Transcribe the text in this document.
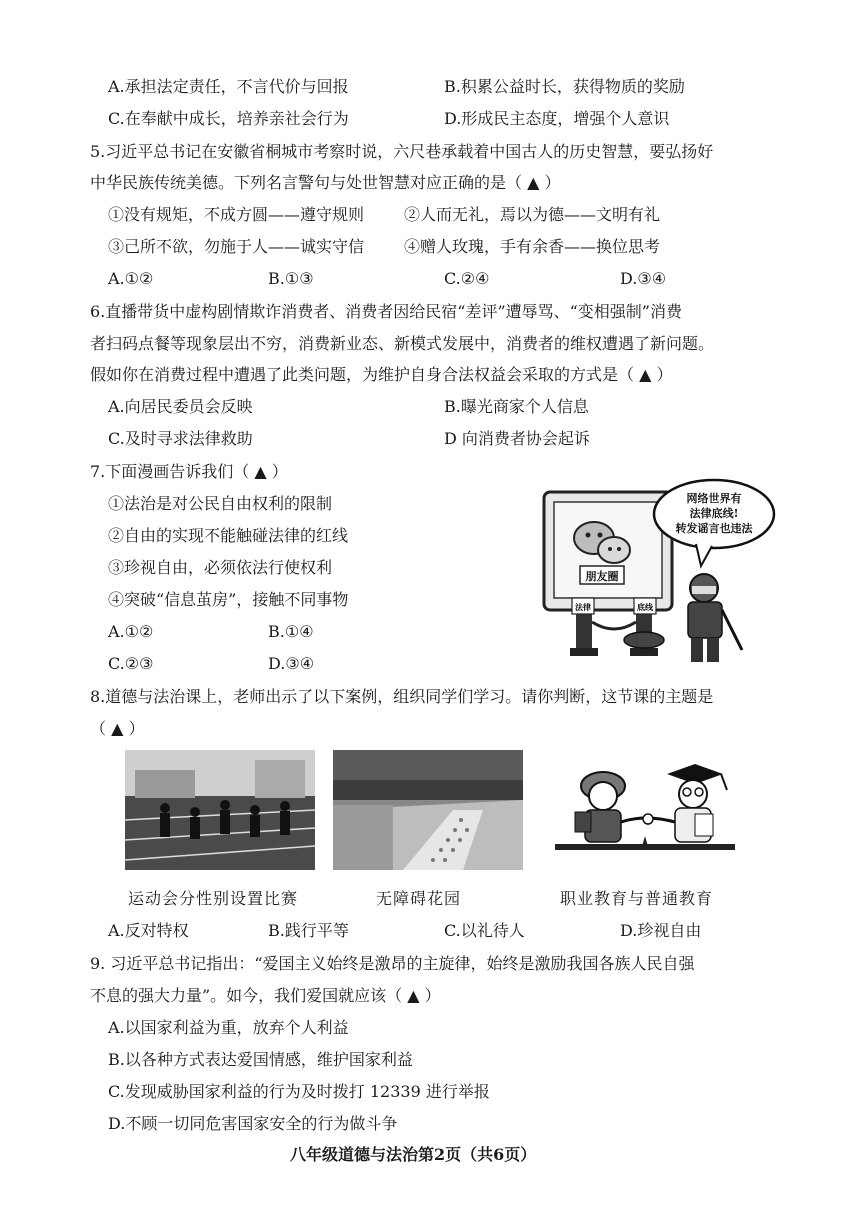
A.承担法定责任，不言代价与回报	B.积累公益时长，获得物质的奖励
C.在奉献中成长，培养亲社会行为	D.形成民主态度，增强个人意识
5.习近平总书记在安徽省桐城市考察时说，六尺巷承载着中国古人的历史智慧，要弘扬好
中华民族传统美德。下列名言警句与处世智慧对应正确的是（ ▲ ）
①没有规矩，不成方圆——遵守规则 ②人而无礼，焉以为德——文明有礼
③己所不欲，勿施于人——诚实守信 ④赠人玫瑰，手有余香——换位思考
A.①②	B.①③	C.②④	D.③④
6.直播带货中虚构剧情欺诈消费者、消费者因给民宿“差评”遭辱骂、“变相强制”消费
者扫码点餐等现象层出不穷，消费新业态、新模式发展中，消费者的维权遭遇了新问题。
假如你在消费过程中遭遇了此类问题，为维护自身合法权益会采取的方式是（ ▲ ）
A.向居民委员会反映	B.曝光商家个人信息
C.及时寻求法律救助	D 向消费者协会起诉
7.下面漫画告诉我们（ ▲ ）
①法治是对公民自由权利的限制
②自由的实现不能触碰法律的红线
③珍视自由，必须依法行使权利
④突破“信息茧房”，接触不同事物
A.①②	B.①④
C.②③	D.③④
朋友圈
法律	底线
网络世界有
法律底线!
转发谣言也违法
8.道德与法治课上，老师出示了以下案例，组织同学们学习。请你判断，这节课的主题是
（ ▲ ）
运动会分性别设置比赛	无障碍花园	职业教育与普通教育
A.反对特权	B.践行平等	C.以礼待人	D.珍视自由
9. 习近平总书记指出：“爱国主义始终是激昂的主旋律，始终是激励我国各族人民自强
不息的强大力量”。如今，我们爱国就应该（ ▲ ）
A.以国家利益为重，放弃个人利益
B.以各种方式表达爱国情感，维护国家利益
C.发现威胁国家利益的行为及时拨打 12339 进行举报
D.不顾一切同危害国家安全的行为做斗争
八年级道德与法治第2页（共6页）
